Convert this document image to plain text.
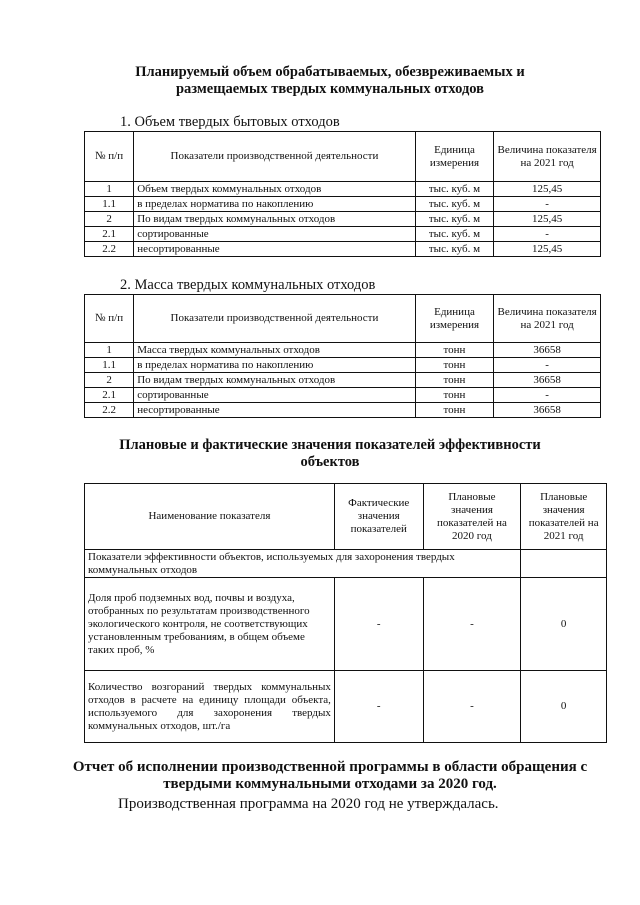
Планируемый объем обрабатываемых, обезвреживаемых и
размещаемых твердых коммунальных отходов
1. Объем твердых бытовых отходов
№ п/п	Показатели производственной деятельности	Единица измерения	Величина показателя на 2021 год
1	Объем твердых коммунальных отходов	тыс. куб. м	125,45
1.1	в пределах норматива по накоплению	тыс. куб. м	-
2	По видам твердых коммунальных отходов	тыс. куб. м	125,45
2.1	сортированные	тыс. куб. м	-
2.2	несортированные	тыс. куб. м	125,45
2. Масса твердых коммунальных отходов
№ п/п	Показатели производственной деятельности	Единица измерения	Величина показателя на 2021 год
1	Масса твердых коммунальных отходов	тонн	36658
1.1	в пределах норматива по накоплению	тонн	-
2	По видам твердых коммунальных отходов	тонн	36658
2.1	сортированные	тонн	-
2.2	несортированные	тонн	36658
Плановые и фактические значения показателей эффективности
объектов
Наименование показателя	Фактические значения показателей	Плановые значения показателей на 2020 год	Плановые значения показателей на 2021 год
Показатели эффективности объектов, используемых для захоронения твердых коммунальных отходов			
Доля проб подземных вод, почвы и воздуха, отобранных по результатам производственного экологического контроля, не соответствующих установленным требованиям, в общем объеме таких проб, %	-	-	0
Количество возгораний твердых коммунальных отходов в расчете на единицу площади объекта, используемого для захоронения твердых коммунальных отходов, шт./га	-	-	0
Отчет об исполнении производственной программы в области обращения с
твердыми коммунальными отходами за 2020 год.
Производственная программа на 2020 год не утверждалась.
